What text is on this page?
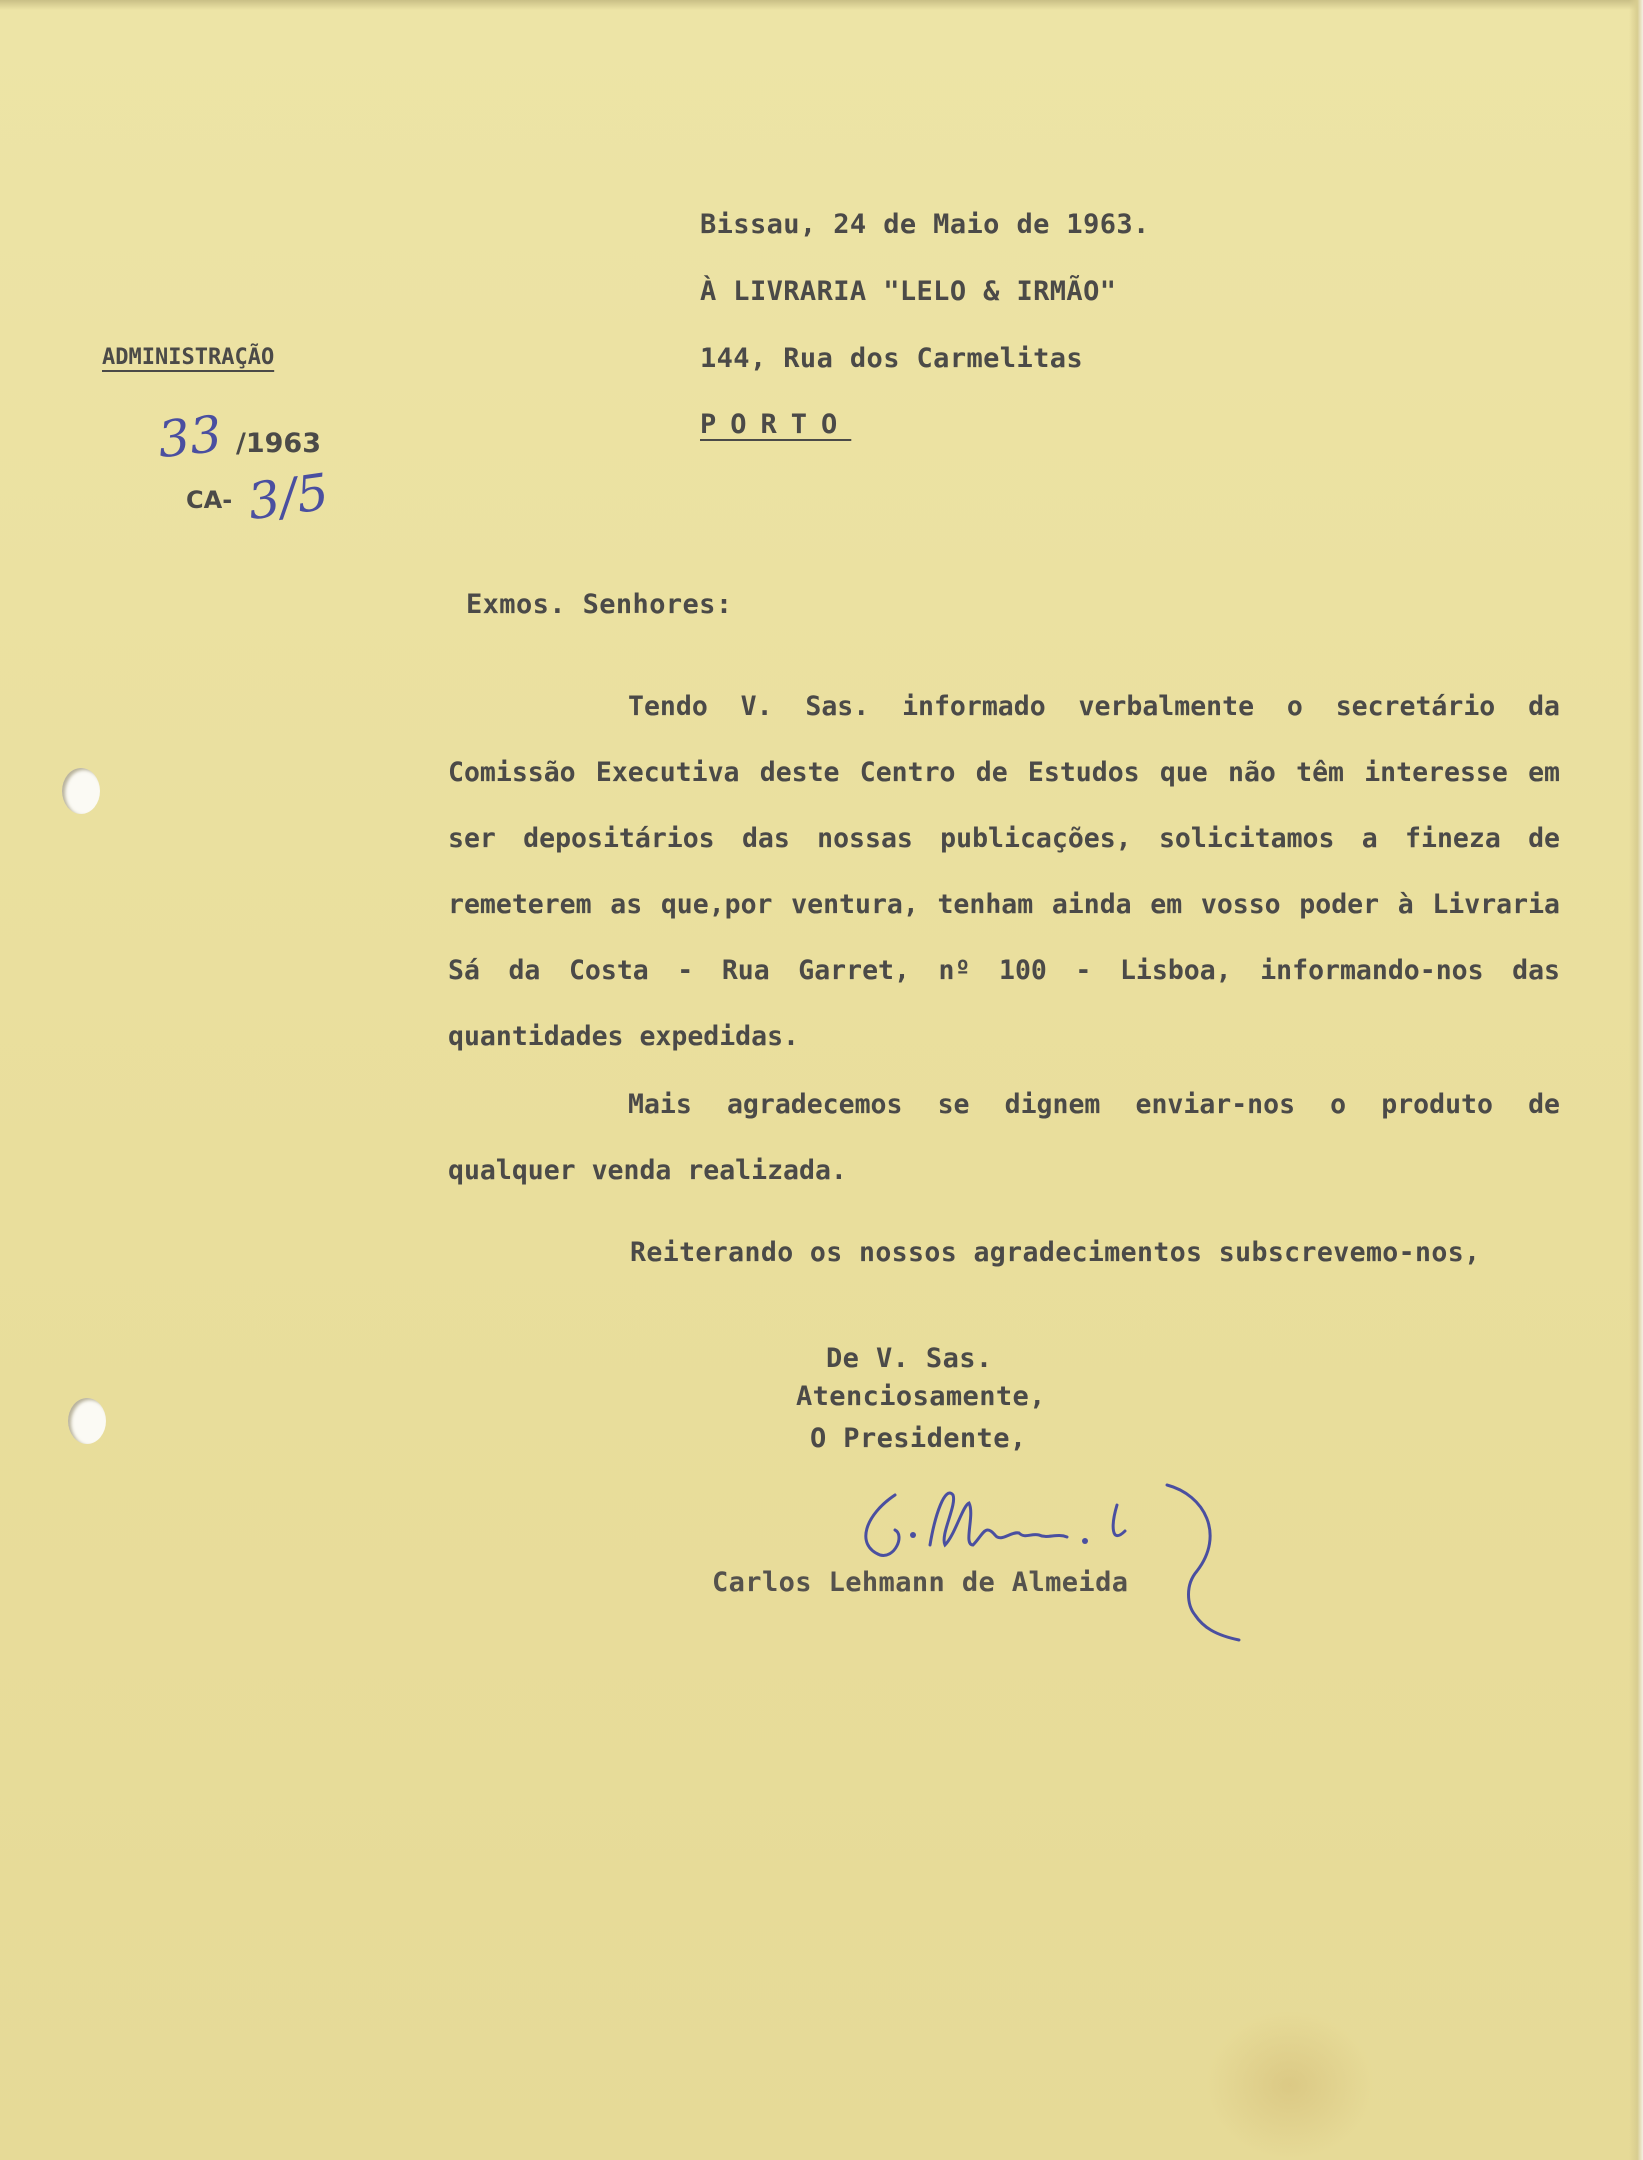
Bissau, 24 de Maio de 1963.

À LIVRARIA "LELO & IRMÃO"

144, Rua dos Carmelitas

PORTO

ADMINISTRAÇÃO

33 /1963

CA- 3/5

Exmos. Senhores:

Tendo V. Sas. informado verbalmente o secretário da Comissão Executiva deste Centro de Estudos que não têm interesse em ser depositários das nossas publicações, solicitamos a fineza de remeterem as que,por ventura, tenham ainda em vosso poder à Livraria Sá da Costa - Rua Garret, nº 100 - Lisboa, informando-nos das quantidades expedidas.

Mais agradecemos se dignem enviar-nos o produto de qualquer venda realizada.

Reiterando os nossos agradecimentos subscrevemo-nos,

De V. Sas.

Atenciosamente,

O Presidente,

Carlos Lehmann de Almeida
